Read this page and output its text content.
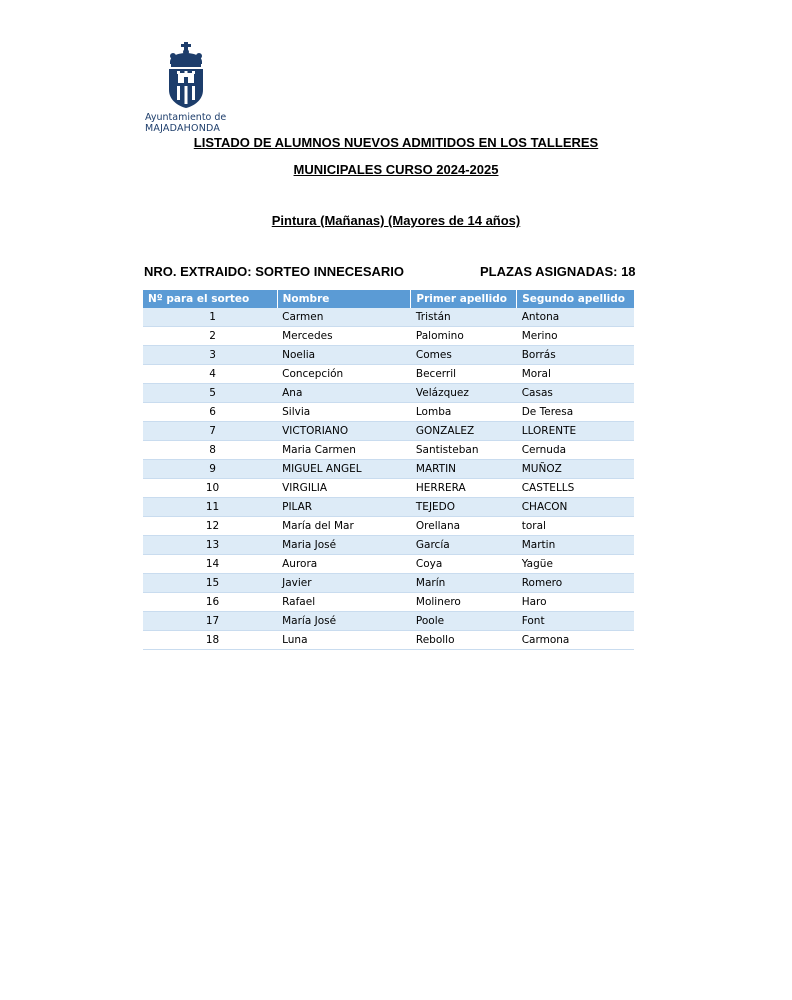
Ayuntamiento de
MAJADAHONDA
LISTADO DE ALUMNOS NUEVOS ADMITIDOS EN LOS TALLERES
MUNICIPALES CURSO 2024-2025
Pintura (Mañanas) (Mayores de 14 años)
NRO. EXTRAIDO: SORTEO INNECESARIO	PLAZAS ASIGNADAS: 18
Nº para el sorteo	Nombre	Primer apellido	Segundo apellido
1	Carmen	Tristán	Antona
2	Mercedes	Palomino	Merino
3	Noelia	Comes	Borrás
4	Concepción	Becerril	Moral
5	Ana	Velázquez	Casas
6	Silvia	Lomba	De Teresa
7	VICTORIANO	GONZALEZ	LLORENTE
8	Maria Carmen	Santisteban	Cernuda
9	MIGUEL ANGEL	MARTIN	MUÑOZ
10	VIRGILIA	HERRERA	CASTELLS
11	PILAR	TEJEDO	CHACON
12	María del Mar	Orellana	toral
13	Maria José	García	Martin
14	Aurora	Coya	Yagüe
15	Javier	Marín	Romero
16	Rafael	Molinero	Haro
17	María José	Poole	Font
18	Luna	Rebollo	Carmona
